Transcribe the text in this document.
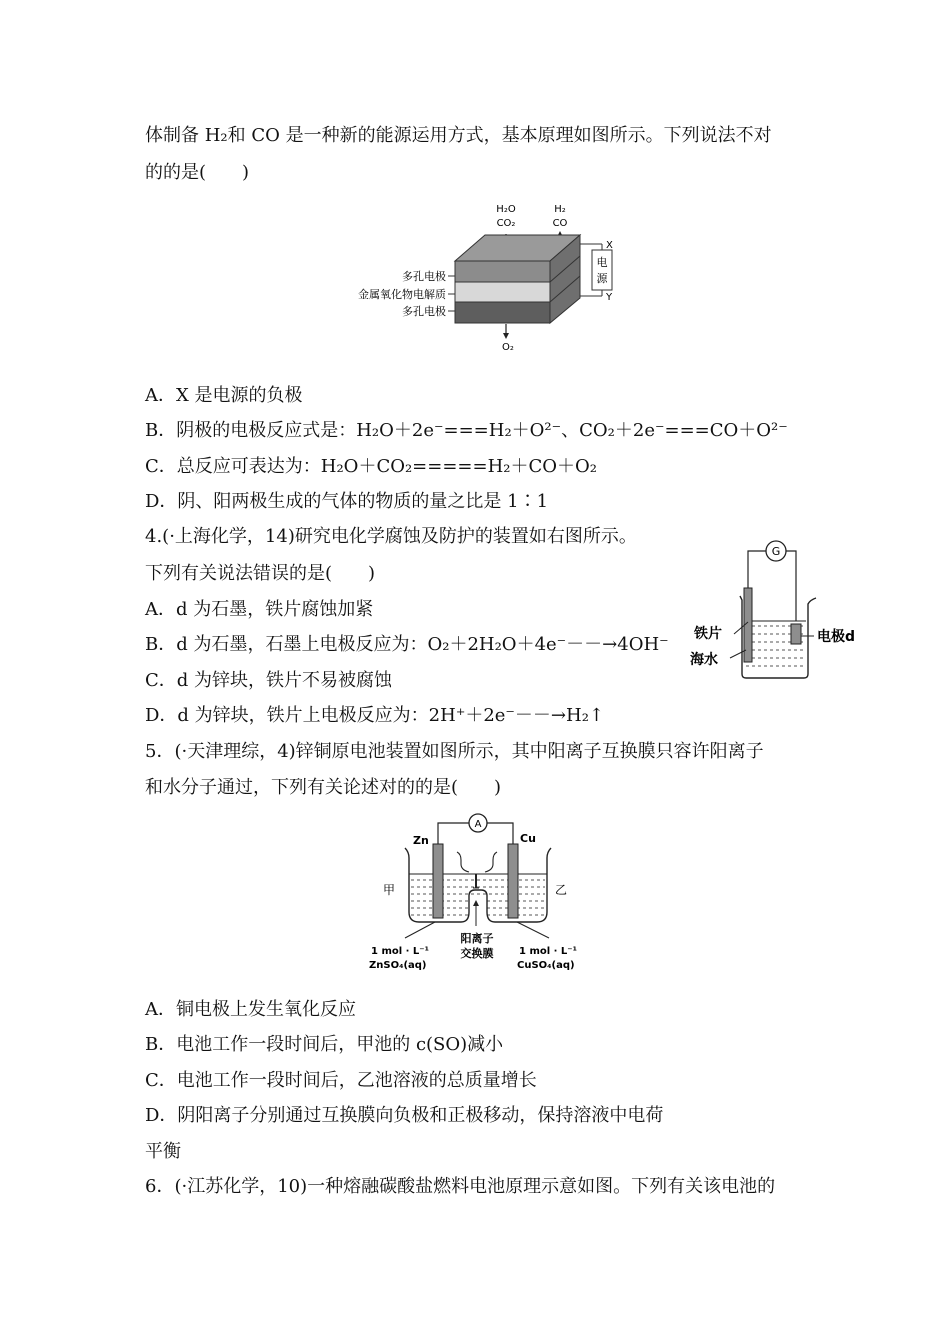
体制备 H₂和 CO 是一种新的能源运用方式，基本原理如图所示。下列说法不对
的的是(　　)
H₂O
CO₂
H₂
CO
多孔电极
金属氧化物电解质
多孔电极
O₂
电
源
X
Y
A．X 是电源的负极
B．阴极的电极反应式是：H₂O＋2e⁻===H₂＋O²⁻、CO₂＋2e⁻===CO＋O²⁻
C．总反应可表达为：H₂O＋CO₂=====H₂＋CO＋O₂
D．阴、阳两极生成的气体的物质的量之比是 1∶1
4.(·上海化学，14)研究电化学腐蚀及防护的装置如右图所示。
下列有关说法错误的是(　　)
G
铁片
海水
电极d
A．d 为石墨，铁片腐蚀加紧
B．d 为石墨，石墨上电极反应为：O₂＋2H₂O＋4e⁻－－→4OH⁻
C．d 为锌块，铁片不易被腐蚀
D．d 为锌块，铁片上电极反应为：2H⁺＋2e⁻－－→H₂↑
5．(·天津理综，4)锌铜原电池装置如图所示，其中阳离子互换膜只容许阳离子
和水分子通过，下列有关论述对的的是(　　)
A
Zn	Cu
甲	乙
1 mol · L⁻¹
ZnSO₄(aq)
阳离子
交换膜	1 mol · L⁻¹
CuSO₄(aq)
A．铜电极上发生氧化反应
B．电池工作一段时间后，甲池的 c(SO)减小
C．电池工作一段时间后，乙池溶液的总质量增长
D．阴阳离子分别通过互换膜向负极和正极移动，保持溶液中电荷
平衡
6．(·江苏化学，10)一种熔融碳酸盐燃料电池原理示意如图。下列有关该电池的
